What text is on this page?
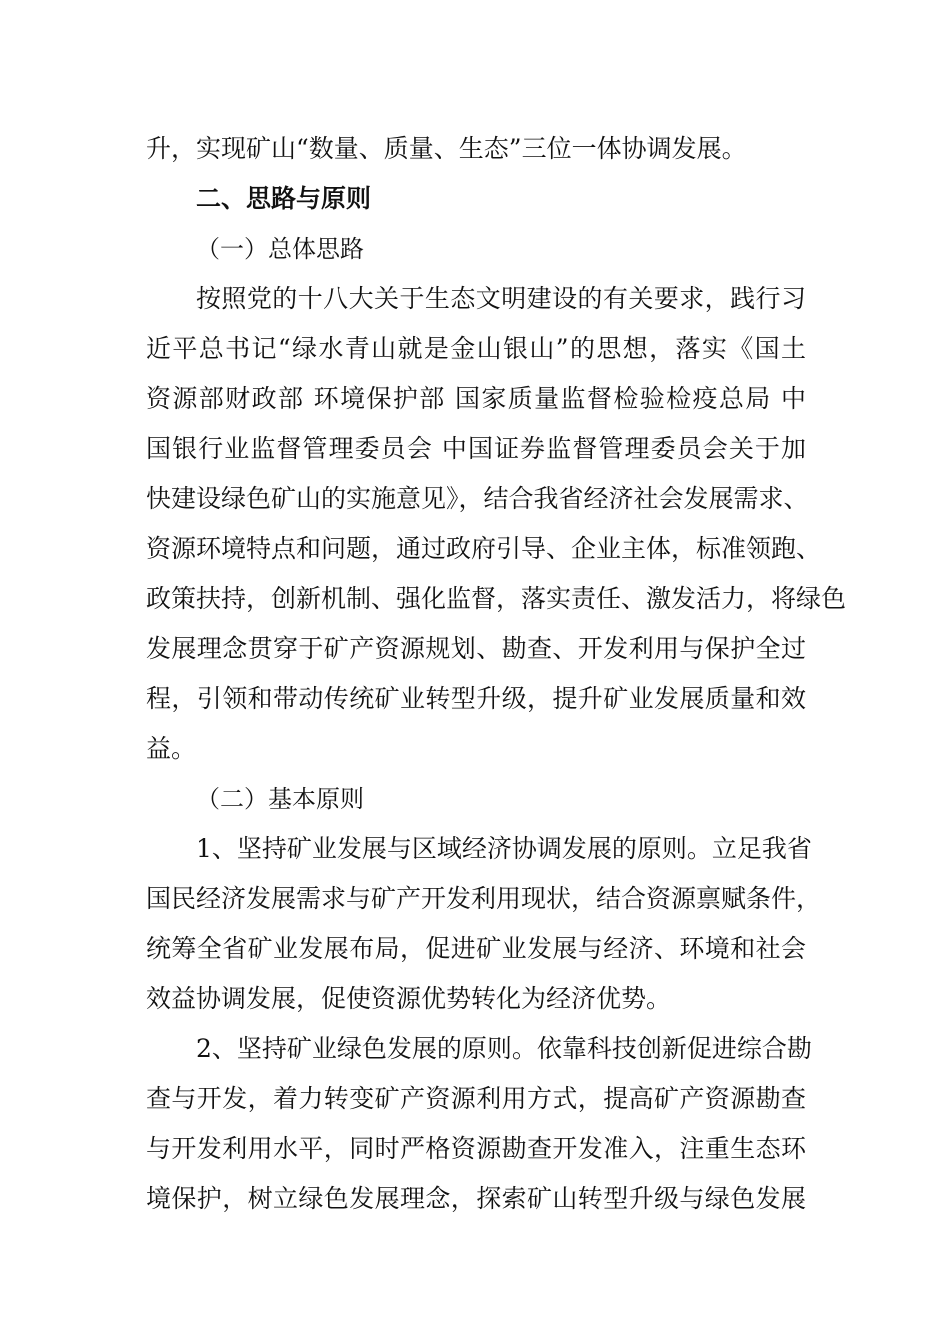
升，实现矿山“数量、质量、生态”三位一体协调发展。
二、思路与原则
（一）总体思路
按照党的十八大关于生态文明建设的有关要求，践行习
近平总书记“绿水青山就是金山银山”的思想，落实《国土
资源部财政部 环境保护部 国家质量监督检验检疫总局 中
国银行业监督管理委员会 中国证券监督管理委员会关于加
快建设绿色矿山的实施意见》，结合我省经济社会发展需求、
资源环境特点和问题，通过政府引导、企业主体，标准领跑、
政策扶持，创新机制、强化监督，落实责任、激发活力，将绿色
发展理念贯穿于矿产资源规划、勘查、开发利用与保护全过
程，引领和带动传统矿业转型升级，提升矿业发展质量和效
益。
（二）基本原则
1、坚持矿业发展与区域经济协调发展的原则。立足我省
国民经济发展需求与矿产开发利用现状，结合资源禀赋条件，
统筹全省矿业发展布局，促进矿业发展与经济、环境和社会
效益协调发展，促使资源优势转化为经济优势。
2、坚持矿业绿色发展的原则。依靠科技创新促进综合勘
查与开发，着力转变矿产资源利用方式，提高矿产资源勘查
与开发利用水平，同时严格资源勘查开发准入，注重生态环
境保护，树立绿色发展理念，探索矿山转型升级与绿色发展
